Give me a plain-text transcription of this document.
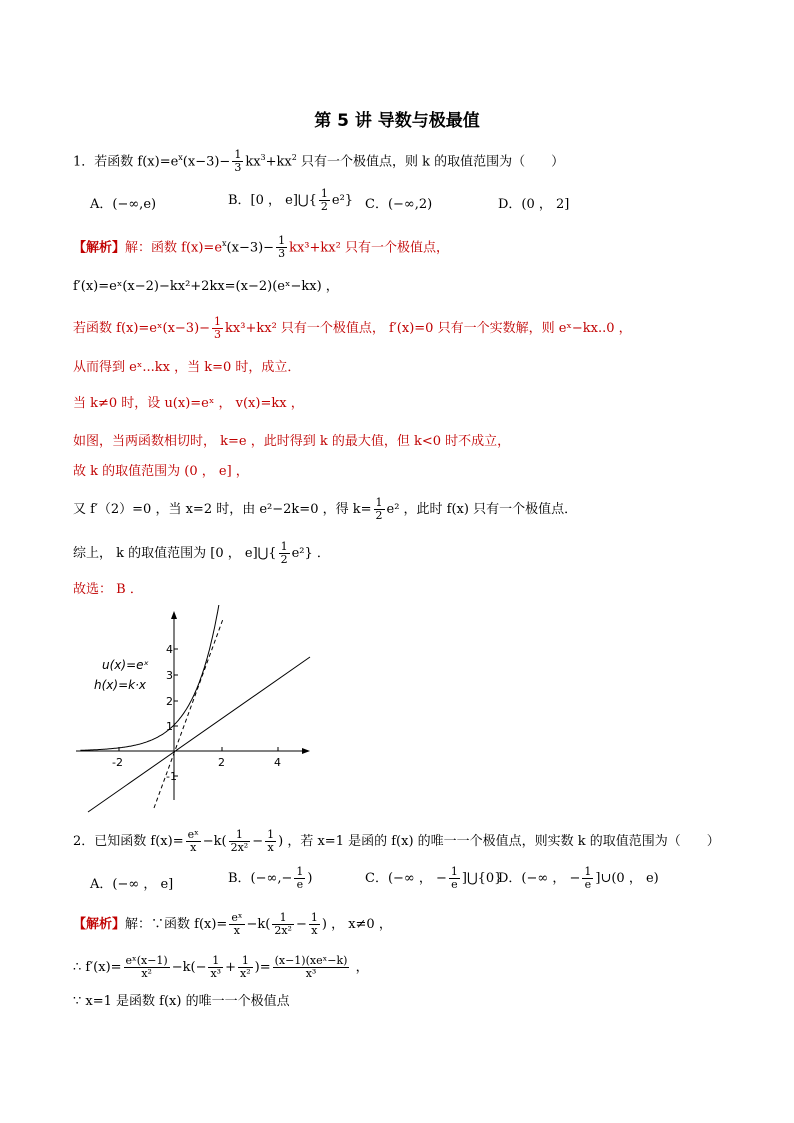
第 5 讲 导数与极最值
1．若函数 $f(x)=e^x(x-3)- \frac{1}{3} kx^3+kx^2$ 只有一个极值点，则 k 的取值范围为（　　）
A．(−∞,e)	B．[0 ， e]⋃{ $\frac{1}{2} e^2$} C．(−∞,2)	D．(0 ， 2]
【解析】解：函数 $f(x)=e^x(x-3)- \frac{1}{3} kx^3+kx^2$ 只有一个极值点，
f′(x)=eˣ(x−2)−kx²+2kx=(x−2)(eˣ−kx) ，
若函数 f(x)=eˣ(x−3)− $\frac{1}{3} kx^3+kx^2$ 只有一个极值点， f′(x)=0 只有一个实数解，则 eˣ−kx..0 ，
从而得到 eˣ...kx ，当 k=0 时，成立．
当 k≠0 时，设 u(x)=eˣ ， v(x)=kx ，
如图，当两函数相切时， k=e ，此时得到 k 的最大值，但 k<0 时不成立，
故 k 的取值范围为 (0 ， e] ，
又 f′（2）=0 ，当 x=2 时，由 e²−2k=0 ，得 $k= \frac{1}{2} e^2$ ，此时 f(x) 只有一个极值点．
综上， k 的取值范围为 [0 ， e]⋃{ $\frac{1}{2} e^2$} ．
故选： B ．
-2	2	4
4
3
2
1
-1
u(x)=eˣ
h(x)=k·x
2．已知函数 $f(x)= \frac{\text{eˣ}}{x} -k( \frac{1}{\text{2x²}} - \frac{1}{x}$ ) ，若 x=1 是函的 f(x) 的唯一一个极值点，则实数 k 的取值范围为（　　）
A．(−∞ ， e]	B．(−∞,− $\frac{1}{e}$ )	C．(−∞ ， − $\frac{1}{e}$ ]⋃{0}
D．(−∞ ， − $\frac{1}{e}$ ]∪(0 ， e)
【解析】解：∵函数 $f(x)= \frac{\text{eˣ}}{x} -k( \frac{1}{\text{2x²}} - \frac{1}{x}$ ) ， x≠0 ，
∴ $f'(x)= \frac{\text{eˣ(x−1)}}{\text{x²}} -k(- \frac{1}{\text{x³}} + \frac{1}{\text{x²}}$ )= $\frac{\text{(x−1)(xeˣ−k)}}{\text{x³}}$ ，
∵ x=1 是函数 f(x) 的唯一一个极值点
